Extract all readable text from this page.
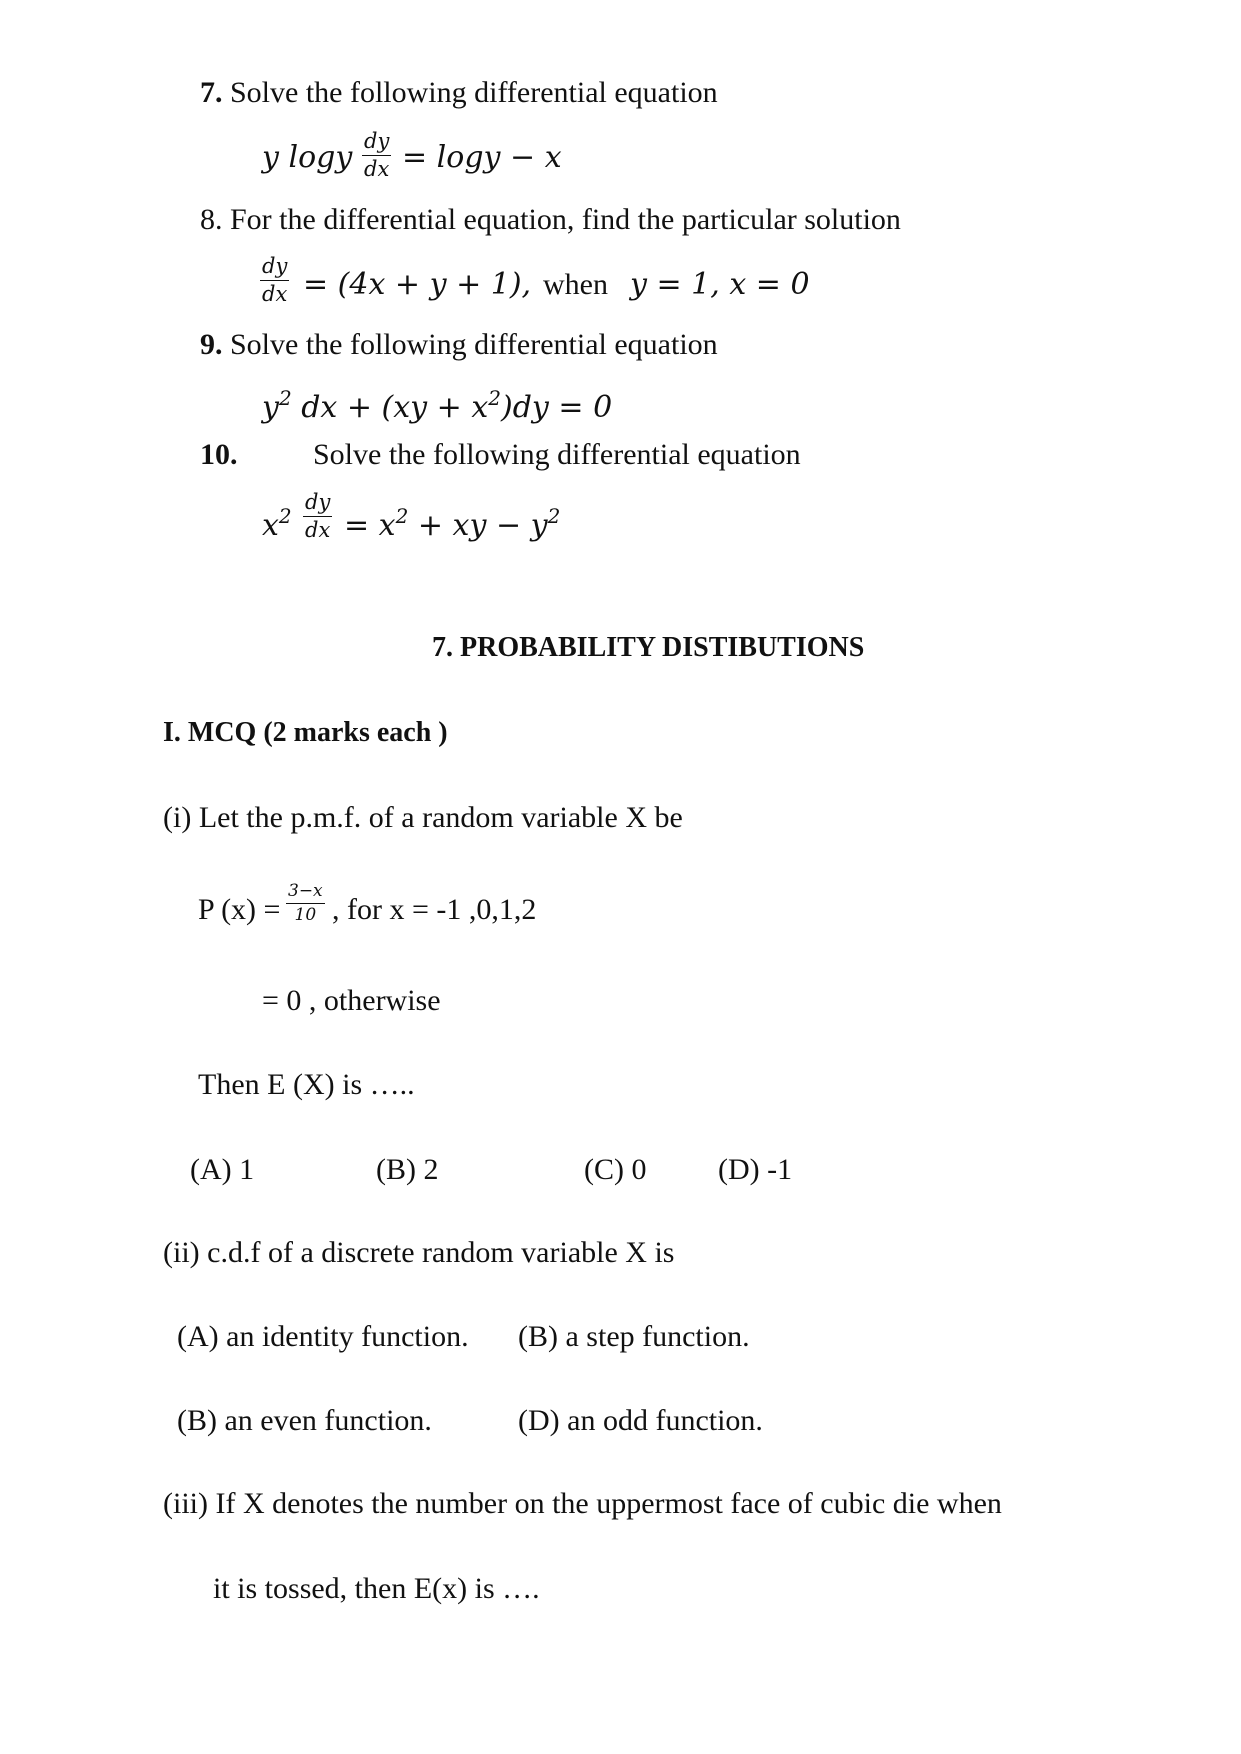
7. Solve the following differential equation
y logy $\frac{dy}{dx} = \log y - x$
8. For the differential equation, find the particular solution
$\frac{dy}{dx} = (4x + y + 1)$, when y = 1, x = 0
9. Solve the following differential equation
$y^2$ dx + $(xy + x^2)dy = 0$
10.	Solve the following differential equation
$x^2 \frac{dy}{dx} = x^2$ + xy − $y^2$
7. PROBABILITY DISTIBUTIONS
I. MCQ (2 marks each )
(i) Let the p.m.f. of a random variable X be
P $(x) = \frac{3-x}{10}$ , for x = -1 ,0,1,2
= 0 , otherwise
Then E (X) is …..
(A) 1	(B) 2	(C) 0 (D) -1
(ii) c.d.f of a discrete random variable X is
(A) an identity function. (B) a step function.
(B) an even function.	(D) an odd function.
(iii) If X denotes the number on the uppermost face of cubic die when
it is tossed, then E(x) is ….
